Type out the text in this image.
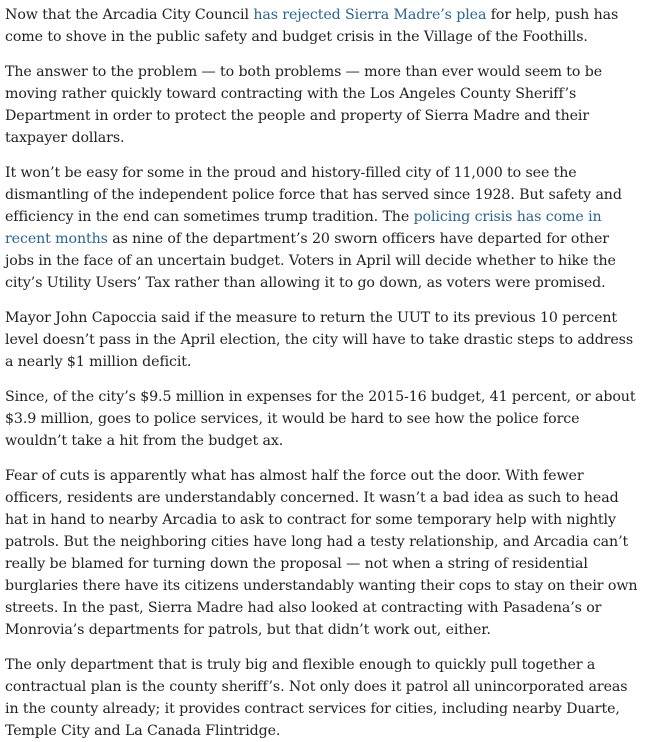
Now that the Arcadia City Council has rejected Sierra Madre’s plea for help, push has come to shove in the public safety and budget crisis in the Village of the Foothills.

The answer to the problem — to both problems — more than ever would seem to be moving rather quickly toward contracting with the Los Angeles County Sheriff’s Department in order to protect the people and property of Sierra Madre and their taxpayer dollars.

It won’t be easy for some in the proud and history-filled city of 11,000 to see the dismantling of the independent police force that has served since 1928. But safety and efficiency in the end can sometimes trump tradition. The policing crisis has come in recent months as nine of the department’s 20 sworn officers have departed for other jobs in the face of an uncertain budget. Voters in April will decide whether to hike the city’s Utility Users’ Tax rather than allowing it to go down, as voters were promised.

Mayor John Capoccia said if the measure to return the UUT to its previous 10 percent level doesn’t pass in the April election, the city will have to take drastic steps to address a nearly $1 million deficit.

Since, of the city’s $9.5 million in expenses for the 2015-16 budget, 41 percent, or about $3.9 million, goes to police services, it would be hard to see how the police force wouldn’t take a hit from the budget ax.

Fear of cuts is apparently what has almost half the force out the door. With fewer officers, residents are understandably concerned. It wasn’t a bad idea as such to head hat in hand to nearby Arcadia to ask to contract for some temporary help with nightly patrols. But the neighboring cities have long had a testy relationship, and Arcadia can’t really be blamed for turning down the proposal — not when a string of residential burglaries there have its citizens understandably wanting their cops to stay on their own streets. In the past, Sierra Madre had also looked at contracting with Pasadena’s or Monrovia’s departments for patrols, but that didn’t work out, either.

The only department that is truly big and flexible enough to quickly pull together a contractual plan is the county sheriff’s. Not only does it patrol all unincorporated areas in the county already; it provides contract services for cities, including nearby Duarte, Temple City and La Canada Flintridge.
